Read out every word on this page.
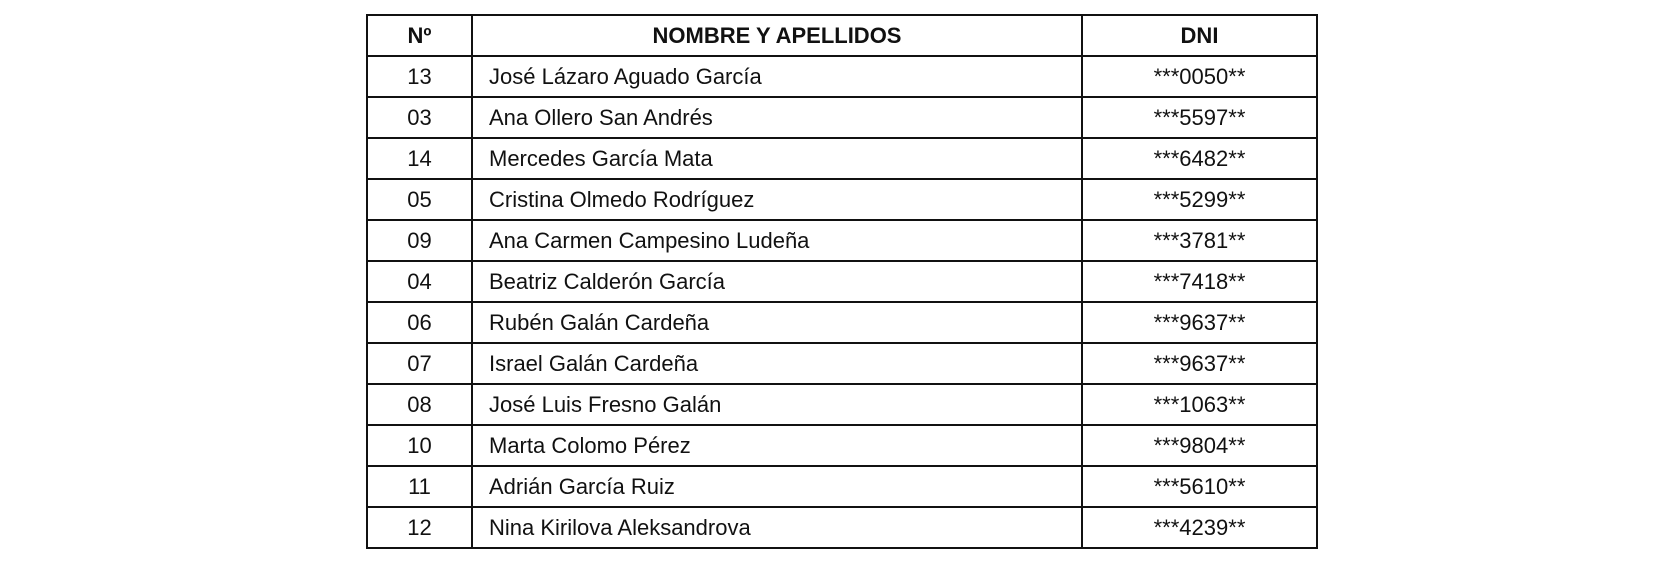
Nº	NOMBRE Y APELLIDOS	DNI
13	José Lázaro Aguado García	***0050**
03	Ana Ollero San Andrés	***5597**
14	Mercedes García Mata	***6482**
05	Cristina Olmedo Rodríguez	***5299**
09	Ana Carmen Campesino Ludeña	***3781**
04	Beatriz Calderón García	***7418**
06	Rubén Galán Cardeña	***9637**
07	Israel Galán Cardeña	***9637**
08	José Luis Fresno Galán	***1063**
10	Marta Colomo Pérez	***9804**
11	Adrián García Ruiz	***5610**
12	Nina Kirilova Aleksandrova	***4239**
